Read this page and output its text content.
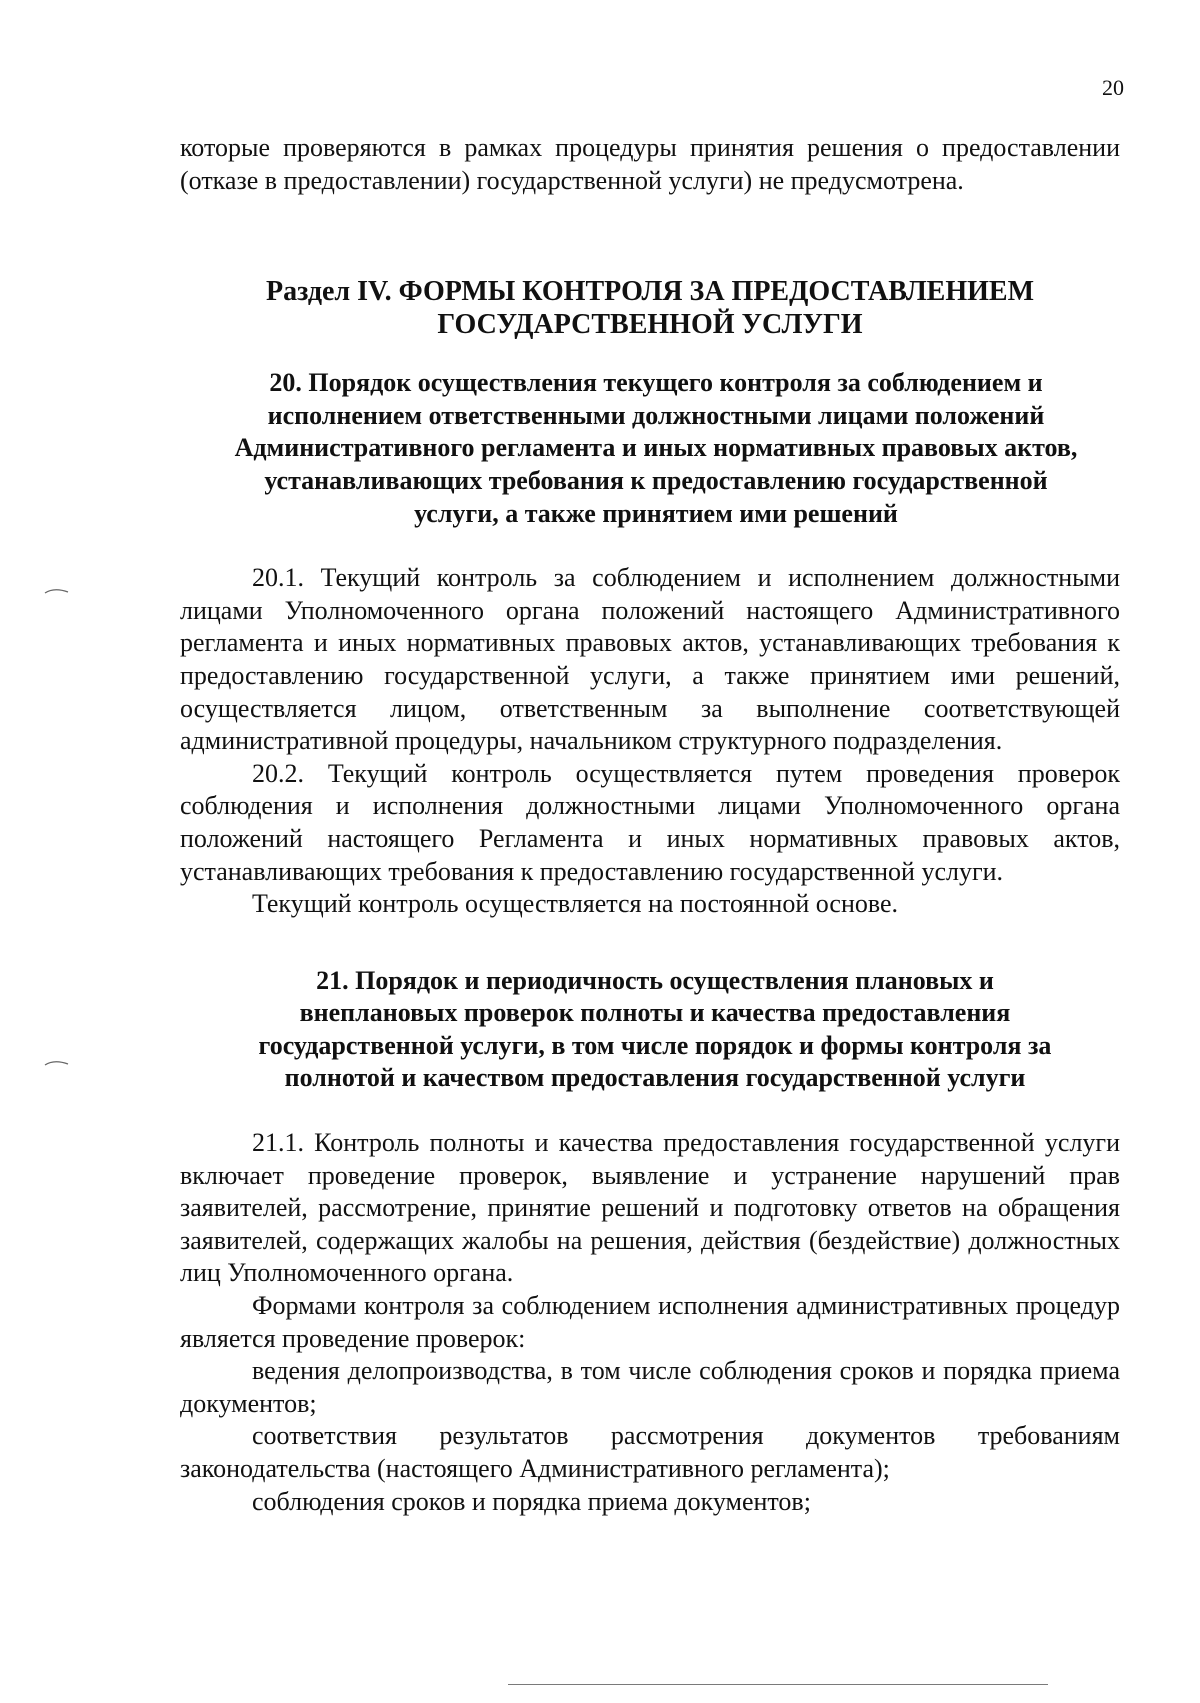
20

которые проверяются в рамках процедуры принятия решения о предоставлении (отказе в предоставлении) государственной услуги) не предусмотрена.

Раздел IV. ФОРМЫ КОНТРОЛЯ ЗА ПРЕДОСТАВЛЕНИЕМ
ГОСУДАРСТВЕННОЙ УСЛУГИ
20. Порядок осуществления текущего контроля за соблюдением и
исполнением ответственными должностными лицами положений
Административного регламента и иных нормативных правовых актов,
устанавливающих требования к предоставлению государственной
услуги, а также принятием ими решений

20.1. Текущий контроль за соблюдением и исполнением должностными лицами Уполномоченного органа положений настоящего Административного регламента и иных нормативных правовых актов, устанавливающих требования к предоставлению государственной услуги, а также принятием ими решений, осуществляется лицом, ответственным за выполнение соответствующей административной процедуры, начальником структурного подразделения.

20.2. Текущий контроль осуществляется путем проведения проверок соблюдения и исполнения должностными лицами Уполномоченного органа положений настоящего Регламента и иных нормативных правовых актов, устанавливающих требования к предоставлению государственной услуги.

Текущий контроль осуществляется на постоянной основе.

21. Порядок и периодичность осуществления плановых и
внеплановых проверок полноты и качества предоставления
государственной услуги, в том числе порядок и формы контроля за
полнотой и качеством предоставления государственной услуги

21.1. Контроль полноты и качества предоставления государственной услуги включает проведение проверок, выявление и устранение нарушений прав заявителей, рассмотрение, принятие решений и подготовку ответов на обращения заявителей, содержащих жалобы на решения, действия (бездействие) должностных лиц Уполномоченного органа.

Формами контроля за соблюдением исполнения административных процедур является проведение проверок:

ведения делопроизводства, в том числе соблюдения сроков и порядка приема документов;

соответствия результатов рассмотрения документов требованиям законодательства (настоящего Административного регламента);

соблюдения сроков и порядка приема документов;
